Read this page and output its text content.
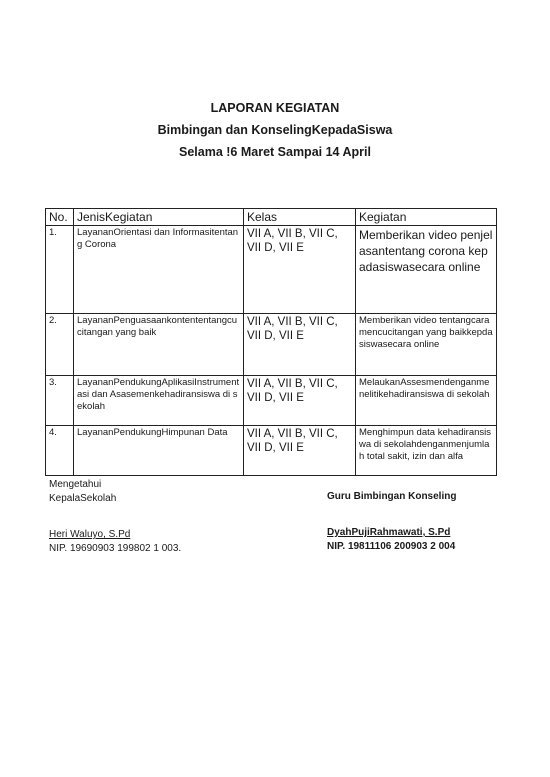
LAPORAN KEGIATAN
Bimbingan dan KonselingKepadaSiswa
Selama !6 Maret Sampai 14 April
No.	JenisKegiatan	Kelas	Kegiatan
1.	LayananOrientasi dan Informasitentang Corona	VII A, VII B, VII C, VII D, VII E	Memberikan video penjelasantentang corona kepadasiswasecara online
2.	LayananPenguasaankontententangcucitangan yang baik	VII A, VII B, VII C, VII D, VII E	Memberikan video tentangcaramencucitangan yang baikkepdasiswasecara online
3.	LayananPendukungAplikasiInstrumentasi dan Asasemenkehadiransiswa di sekolah	VII A, VII B, VII C, VII D, VII E	MelaukanAssesmendenganmenelitikehadiransiswa di sekolah
4.	LayananPendukungHimpunan Data	VII A, VII B, VII C, VII D, VII E	Menghimpun data kehadiransiswa di sekolahdenganmenjumlah total sakit, izin dan alfa
Mengetahui
KepalaSekolah
Heri Waluyo, S.Pd
NIP. 19690903 199802 1 003.
Guru Bimbingan Konseling
DyahPujiRahmawati, S.Pd
NIP. 19811106 200903 2 004
